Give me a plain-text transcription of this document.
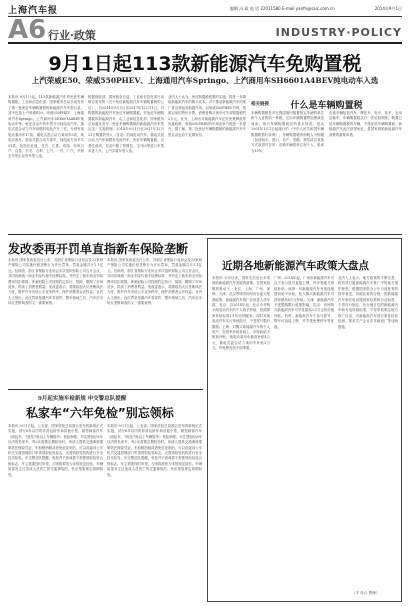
上海汽车报	编辑 冯 政 电 话 22011580 E-mail yanfh@saic.com.cn	2014年9月1日
A6 行业·政策	INDUSTRY·POLICY
9月1日起113款新能源汽车免购置税
上汽荣威E50、荣威550PHEV、上海通用汽车Springo、上汽商用车SH6601A4BEV纯电动车入选
本报讯 9月1日起，113款新能源汽车将免征车辆购置税。工业和信息化部、国家税务总局日前发布了第一批免征车辆购置税的新能源汽车车型目录，其中包括上汽荣威E50、荣威550PHEV、上海通用汽车Springo、上汽商用车SH6601A4BEV纯电动车等。免征目录中的车型分为纯电动汽车、插电式混合动力汽车和燃料电池汽车三类，分别有纯电动乘用车17款、插电式混合动力乘用车5款，纯电动客车、插电式混合动力客车、纯电动专用车共91款。包括比亚迪、北汽、江淮、奇瑞、东风日产、众泰、长安、吉利、上汽、一汽、广汽、华晨宝马等企业的车型入选。
根据财政部、国家税务总局、工业和信息化部日前联合发布的《关于免征新能源汽车车辆购置税的公告》，自2014年9月1日至2017年12月31日，对购置的新能源汽车免征车辆购置税。对免征车辆购置税的新能源汽车，由工业和信息化部、国家税务总局通过发布《免征车辆购置税的新能源汽车车型目录》实施管理。2014年9月1日至2017年12月31日购置的列入《目录》的纯电动汽车、插电式混合动力汽车和燃料电池汽车，免征车辆购置税。记者注意到，目录中除了特斯拉、宝马i3等进口车型未进入外，上汽多款车型入选。
业内人士认为，免征购置税政策的实施，将进一步降低新能源汽车的购买成本，对于推动新能源汽车的推广普及将起到积极作用。以荣威550PHEV为例，按照目前的售价计算，消费者购买该车可节省购置税约2万元。此外，上海市对新能源汽车还有免费牌照等优惠政策，荣威550PHEV的市场竞争力将进一步提升。据了解，第二批免征车辆购置税的新能源汽车车型目录也将于近期发布。
相关链接	什么是车辆购置税
车辆购置税是对在我国境内购置规定车辆的单位和个人征收的一种税，它由车辆购置附加费演变而来。现行车辆购置税法的基本规范，是从2001年1月1日起施行的《中华人民共和国车辆购置税暂行条例》。车辆购置税的纳税人为购置（包括购买、进口、自产、受赠、获奖或以其他方式取得并自用）应税车辆的单位和个人，税率为10%。
应税车辆包括汽车、摩托车、电车、挂车、农用运输车。车辆购置税实行一次征收制度，购置已征车辆购置税的车辆，不再征收车辆购置税。新能源汽车此次获得免征，是国家鼓励新能源汽车消费的重要举措。
发改委再开罚单直指新车保险垄断
本报讯 国家发改委近日公布，对浙江省保险行业协会及23家财产保险公司实施价格垄断行为开出罚单，罚款金额共计1.1亿元。经调查，浙江省保险行业协会多次组织财险公司召开会议，共同协商统一商业车险代理手续费标准，并约定了新车商业车险费率折扣系数。涉案财险公司按照约定执行，排除、限制了市场竞争，损害了消费者利益。发改委表示，将继续加大反垄断执法力度，维护汽车市场公平竞争秩序，保护消费者合法权益。业内人士指出，此次罚单是继汽车零部件、整车领域之后，汽车后市场反垄断调查的又一重要案例。
本报讯 国家发改委近日公布，对浙江省保险行业协会及23家财产保险公司实施价格垄断行为开出罚单，罚款金额共计1.1亿元。经调查，浙江省保险行业协会多次组织财险公司召开会议，共同协商统一商业车险代理手续费标准，并约定了新车商业车险费率折扣系数。涉案财险公司按照约定执行，排除、限制了市场竞争，损害了消费者利益。发改委表示，将继续加大反垄断执法力度，维护汽车市场公平竞争秩序，保护消费者合法权益。业内人士指出，此次罚单是继汽车零部件、整车领域之后，汽车后市场反垄断调查的又一重要案例。
9月起实施车检新规 申交警总队提醒
私家车“六年免检”别忘领标
本报讯 9月1日起，公安部、国家质检总局联合发布的新规正式实施，试行6年以内的非营运轿车和其他小型、微型载客汽车（面包车、7座及7座以上车辆除外）免检制度。对注册登记6年以内的私家车，每2年需要定期检验时，申请人提供交通事故强制责任保险凭证、车船税纳税或者免征证明后，可以直接向公安机关交通管理部门申请领取检验标志，无需到检验机构进行安全技术检验。市交警总队提醒，免检并不意味着不需要领取检验合格标志，车主需要按时申领，否则将被视为未按规定检验。车辆如果发生过造成人员伤亡的交通事故的，仍应按原规定周期检验。
本报讯 9月1日起，公安部、国家质检总局联合发布的新规正式实施，试行6年以内的非营运轿车和其他小型、微型载客汽车（面包车、7座及7座以上车辆除外）免检制度。对注册登记6年以内的私家车，每2年需要定期检验时，申请人提供交通事故强制责任保险凭证、车船税纳税或者免征证明后，可以直接向公安机关交通管理部门申请领取检验标志，无需到检验机构进行安全技术检验。市交警总队提醒，免检并不意味着不需要领取检验合格标志，车主需要按时申领，否则将被视为未按规定检验。车辆如果发生过造成人员伤亡的交通事故的，仍应按原规定周期检验。
近期各地新能源汽车政策大盘点
本报讯 今年以来，国家先后出台多项鼓励新能源汽车发展的政策。在国家政策的推动下，北京、上海、广州、深圳、天津、武汉等城市纷纷出台地方配套政策，新能源汽车推广应用进入快车道。北京：自2014年起，北京市对购买纯电动汽车的个人给予补贴，按照国家补贴标准1:1的比例配套，同时对纯电动汽车实行单独摇号，不受尾号限行限制。上海：对购买新能源汽车的个人用户，在国家补贴基础上，市财政给予配套补贴，纯电动乘用车最高补贴4万元，插电式混合动力乘用车补贴3万元，并免费发放专用牌照。
广州：2014年起，广州市新能源汽车可以不参与摇号直接上牌，并享受地方财政补贴。深圳：对新能源汽车充电设施建设给予补贴，私人购买新能源汽车可获得最高6万元补贴。天津：新能源汽车不受限购限行政策影响。武汉：市民购买新能源汽车可享受最高3.5万元的市级补贴。杭州：新能源汽车不参与摇号，购车可直接上牌，并享受免费停车等优惠。
业内人士表示，地方政策的不断完善，将有效打破新能源汽车推广中的地方保护壁垒。根据国务院办公厅日前发布的指导意见，各地区要执行统一的新能源汽车和充电设施国家标准和行业标准，不得自行制定、出台地方性的新能源汽车和充电设施标准，不得采取制定地方推广目录、对新能源汽车进行重复检验检测、要求生产企业在本地设厂等违规措施。
（平 综合 整理）
